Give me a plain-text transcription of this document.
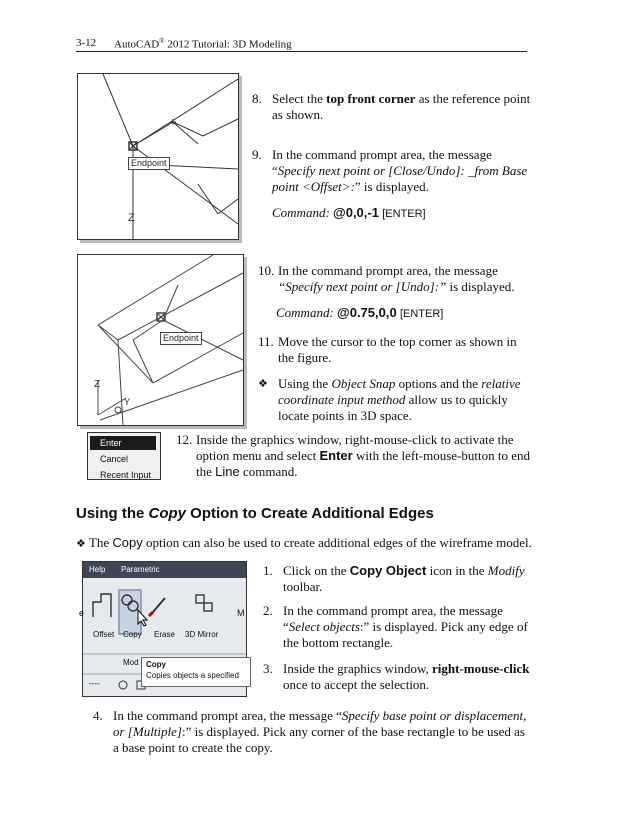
3-12 AutoCAD® 2012 Tutorial: 3D Modeling
Z
Endpoint
8. Select the top front corner as the reference point as shown.
9. In the command prompt area, the message “Specify next point or [Close/Undo]: _from Base point <Offset>:” is displayed.
Command: @0,0,-1 [ENTER]
Z
Y
Endpoint
10. In the command prompt area, the message
“Specify next point or [Undo]:” is displayed.
Command: @0.75,0,0 [ENTER]
11. Move the cursor to the top corner as shown in the figure.
❖ Using the Object Snap options and the relative coordinate input method allow us to quickly locate points in 3D space.
Enter
Cancel
Recent Input
12. Inside the graphics window, right-mouse-click to activate the option menu and select Enter with the left-mouse-button to end the Line command.
Using the Copy Option to Create Additional Edges
❖ The Copy option can also be used to create additional edges of the wireframe model.
Help Parametric
e	M
Offset Copy Erase 3D Mirror
Mod
----
Copy
Copies objects a specified
1. Click on the Copy Object icon in the Modify toolbar.
2. In the command prompt area, the message “Select objects:” is displayed. Pick any edge of the bottom rectangle.
3. Inside the graphics window, right-mouse-click once to accept the selection.
4. In the command prompt area, the message “Specify base point or displacement, or [Multiple]:” is displayed. Pick any corner of the base rectangle to be used as a base point to create the copy.
